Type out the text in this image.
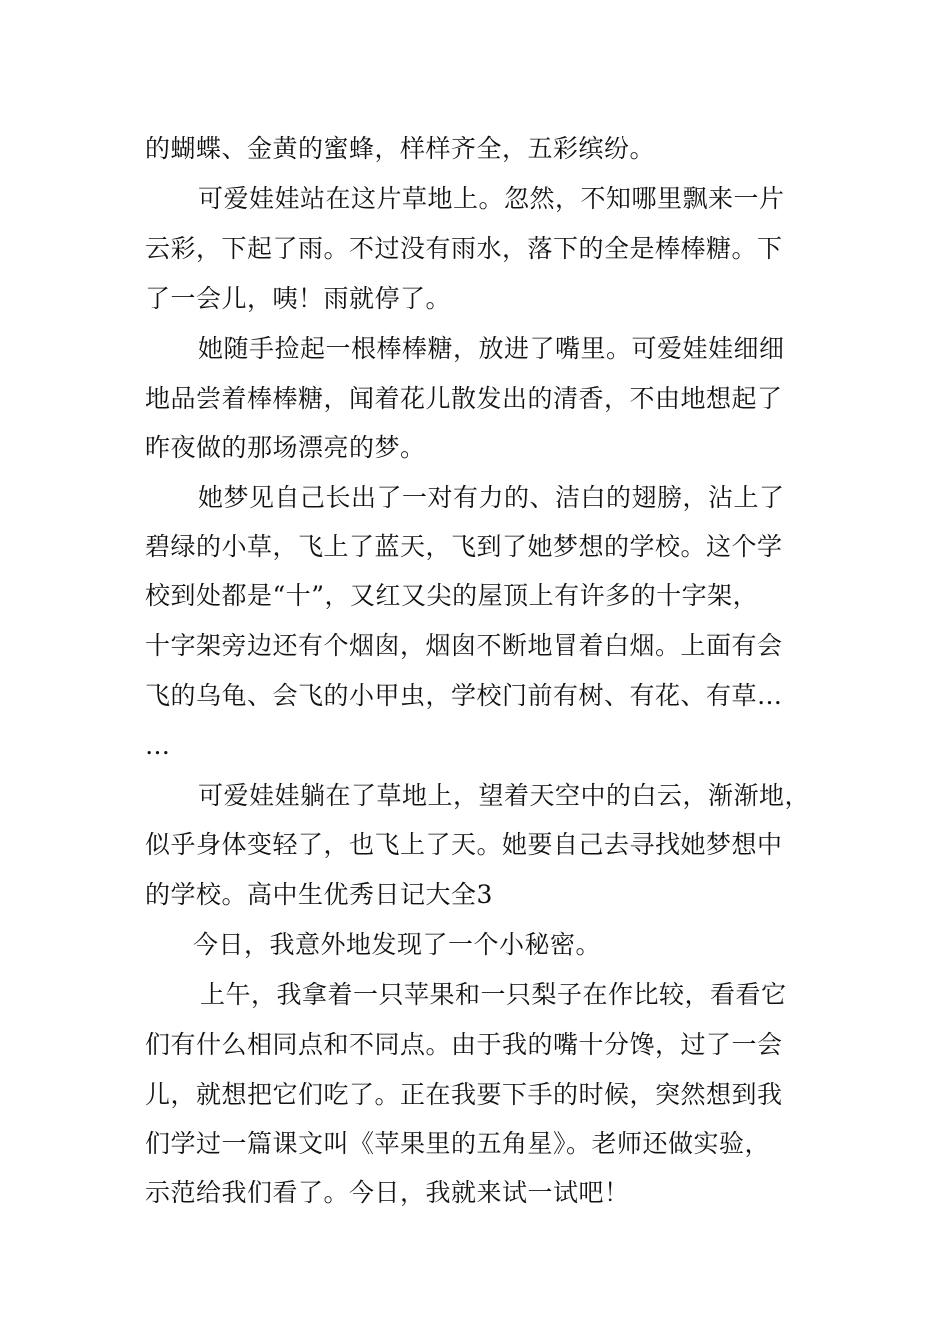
的蝴蝶、金黄的蜜蜂，样样齐全，五彩缤纷。
可爱娃娃站在这片草地上。忽然，不知哪里飘来一片
云彩，下起了雨。不过没有雨水，落下的全是棒棒糖。下
了一会儿，咦！雨就停了。
她随手捡起一根棒棒糖，放进了嘴里。可爱娃娃细细
地品尝着棒棒糖，闻着花儿散发出的清香，不由地想起了
昨夜做的那场漂亮的梦。
她梦见自己长出了一对有力的、洁白的翅膀，沾上了
碧绿的小草，飞上了蓝天，飞到了她梦想的学校。这个学
校到处都是“十”，又红又尖的屋顶上有许多的十字架，
十字架旁边还有个烟囱，烟囱不断地冒着白烟。上面有会
飞的乌龟、会飞的小甲虫，学校门前有树、有花、有草…
…
可爱娃娃躺在了草地上，望着天空中的白云，渐渐地，
似乎身体变轻了，也飞上了天。她要自己去寻找她梦想中
的学校。高中生优秀日记大全3
今日，我意外地发现了一个小秘密。
上午，我拿着一只苹果和一只梨子在作比较，看看它
们有什么相同点和不同点。由于我的嘴十分馋，过了一会
儿，就想把它们吃了。正在我要下手的时候，突然想到我
们学过一篇课文叫《苹果里的五角星》。老师还做实验，
示范给我们看了。今日，我就来试一试吧！
